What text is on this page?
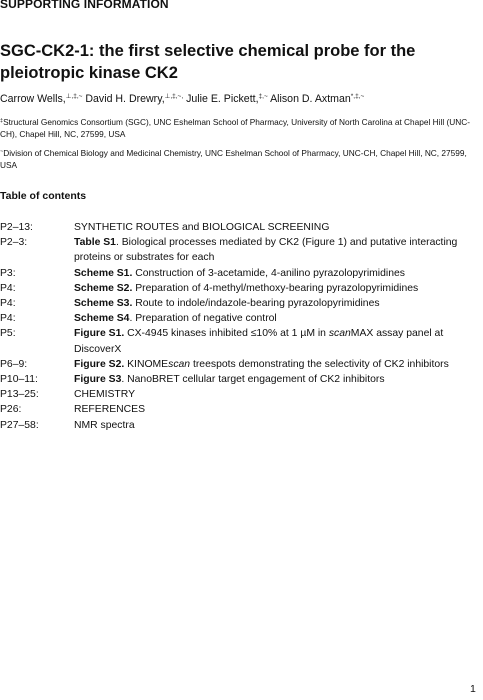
SUPPORTING INFORMATION
SGC-CK2-1: the first selective chemical probe for the pleiotropic kinase CK2
Carrow Wells,⊥,‡,~ David H. Drewry,⊥,‡,~, Julie E. Pickett,‡,~ Alison D. Axtman*,‡,~
‡Structural Genomics Consortium (SGC), UNC Eshelman School of Pharmacy, University of North Carolina at Chapel Hill (UNC-CH), Chapel Hill, NC, 27599, USA
~Division of Chemical Biology and Medicinal Chemistry, UNC Eshelman School of Pharmacy, UNC-CH, Chapel Hill, NC, 27599, USA
Table of contents
P2–13:	SYNTHETIC ROUTES and BIOLOGICAL SCREENING
P2–3:	Table S1. Biological processes mediated by CK2 (Figure 1) and putative interacting proteins or substrates for each
P3:	Scheme S1. Construction of 3-acetamide, 4-anilino pyrazolopyrimidines
P4:	Scheme S2. Preparation of 4-methyl/methoxy-bearing pyrazolopyrimidines
P4:	Scheme S3. Route to indole/indazole-bearing pyrazolopyrimidines
P4:	Scheme S4. Preparation of negative control
P5:	Figure S1. CX-4945 kinases inhibited ≤10% at 1 µM in scanMAX assay panel at DiscoverX
P6–9:	Figure S2. KINOMEscan treespots demonstrating the selectivity of CK2 inhibitors
P10–11:	Figure S3. NanoBRET cellular target engagement of CK2 inhibitors
P13–25:	CHEMISTRY
P26:	REFERENCES
P27–58:	NMR spectra
1
